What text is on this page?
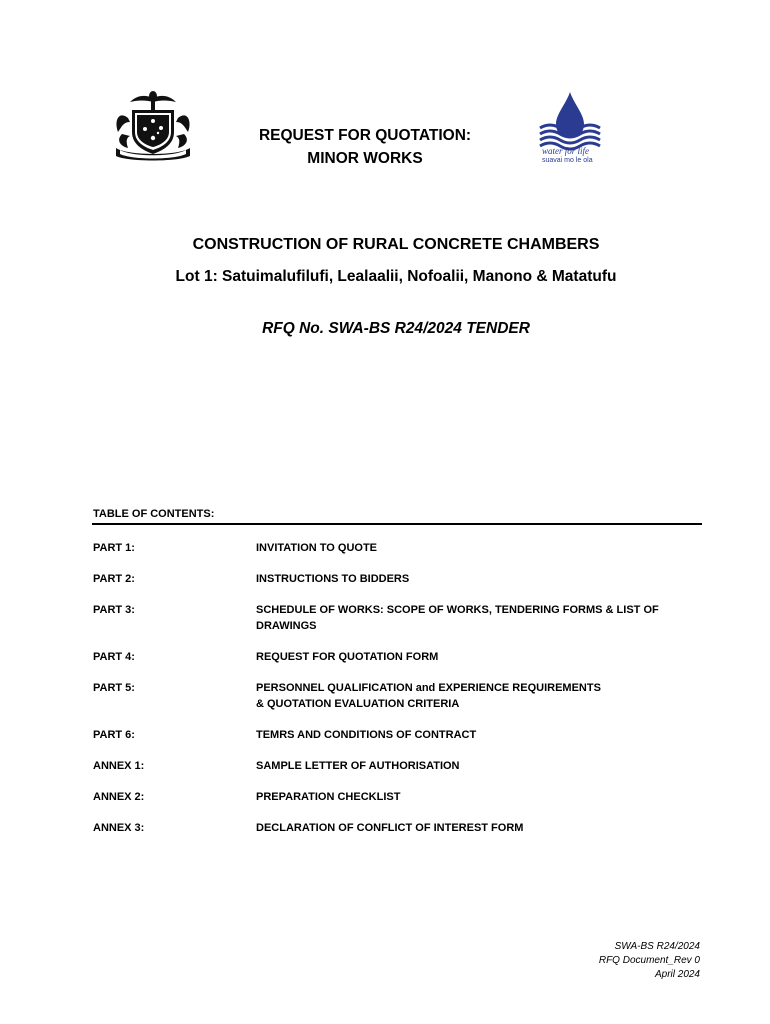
REQUEST FOR QUOTATION:
MINOR WORKS	water for life
suavai mo le ola
CONSTRUCTION OF RURAL CONCRETE CHAMBERS
Lot 1: Satuimalufilufi, Lealaalii, Nofoalii, Manono & Matatufu
RFQ No. SWA-BS R24/2024 TENDER
TABLE OF CONTENTS:
PART 1:	INVITATION TO QUOTE
PART 2:	INSTRUCTIONS TO BIDDERS
PART 3:	SCHEDULE OF WORKS: SCOPE OF WORKS, TENDERING FORMS & LIST OF
DRAWINGS
PART 4:	REQUEST FOR QUOTATION FORM
PART 5:	PERSONNEL QUALIFICATION and EXPERIENCE REQUIREMENTS
& QUOTATION EVALUATION CRITERIA
PART 6:	TEMRS AND CONDITIONS OF CONTRACT
ANNEX 1:	SAMPLE LETTER OF AUTHORISATION
ANNEX 2:	PREPARATION CHECKLIST
ANNEX 3:	DECLARATION OF CONFLICT OF INTEREST FORM
SWA-BS R24/2024
RFQ Document_Rev 0
April 2024
